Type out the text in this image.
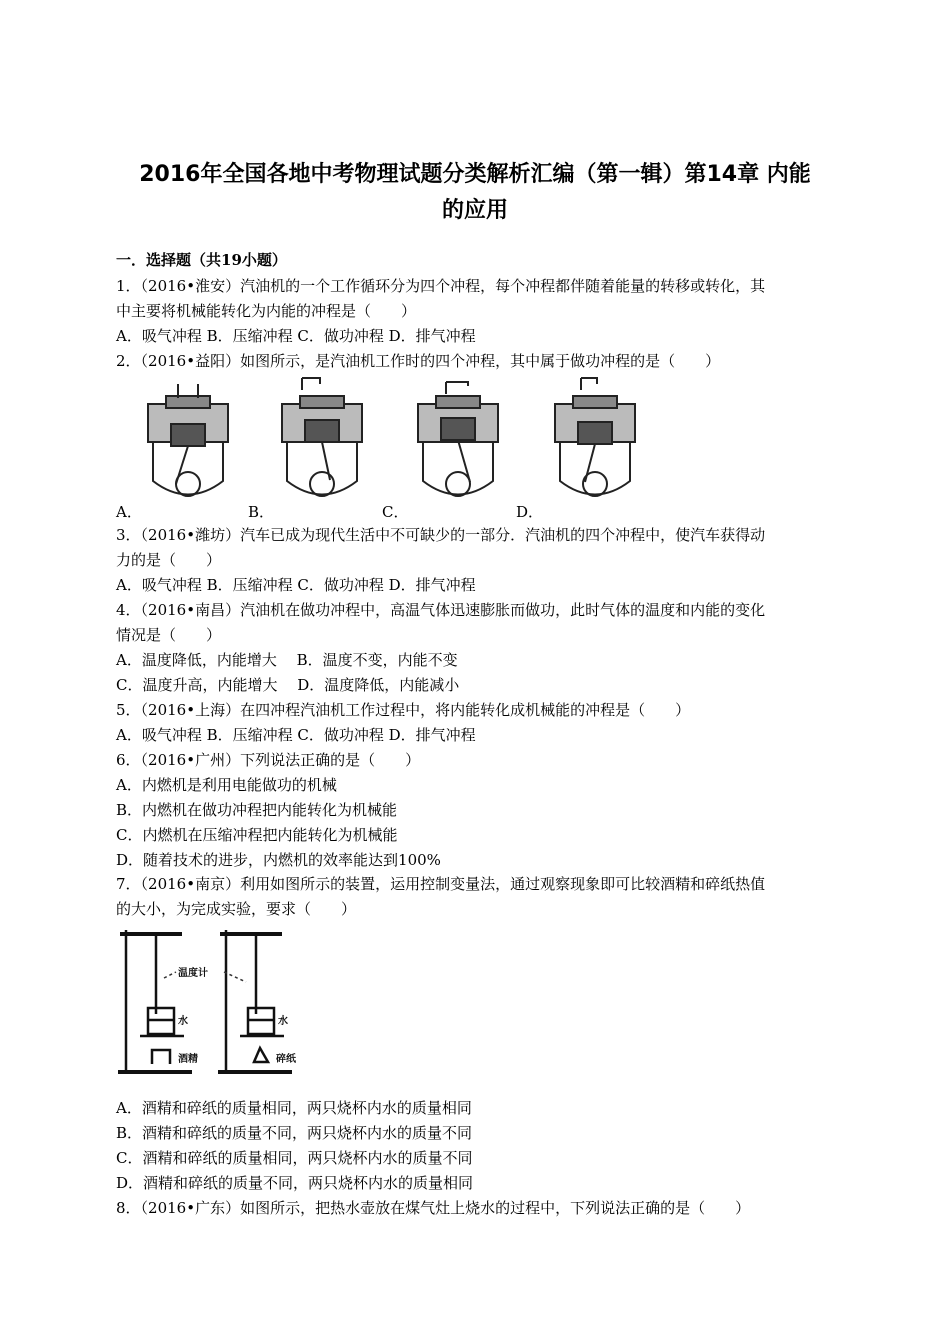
2016年全国各地中考物理试题分类解析汇编（第一辑）第14章 内能
的应用
一．选择题（共19小题）
1．（2016•淮安）汽油机的一个工作循环分为四个冲程，每个冲程都伴随着能量的转移或转化，其
中主要将机械能转化为内能的冲程是（　　）
A．吸气冲程 B．压缩冲程 C．做功冲程 D．排气冲程
2．（2016•益阳）如图所示，是汽油机工作时的四个冲程，其中属于做功冲程的是（　　）
A．	B．	C．	D．
3．（2016•潍坊）汽车已成为现代生活中不可缺少的一部分．汽油机的四个冲程中，使汽车获得动
力的是（　　）
A．吸气冲程 B．压缩冲程 C．做功冲程 D．排气冲程
4．（2016•南昌）汽油机在做功冲程中，高温气体迅速膨胀而做功，此时气体的温度和内能的变化
情况是（　　）
A．温度降低，内能增大　 B．温度不变，内能不变
C．温度升高，内能增大　 D．温度降低，内能减小
5．（2016•上海）在四冲程汽油机工作过程中，将内能转化成机械能的冲程是（　　）
A．吸气冲程 B．压缩冲程 C．做功冲程 D．排气冲程
6．（2016•广州）下列说法正确的是（　　）
A．内燃机是利用电能做功的机械
B．内燃机在做功冲程把内能转化为机械能
C．内燃机在压缩冲程把内能转化为机械能
D．随着技术的进步，内燃机的效率能达到100%
7．（2016•南京）利用如图所示的装置，运用控制变量法，通过观察现象即可比较酒精和碎纸热值
的大小，为完成实验，要求（　　）
温度计
水	水
酒精	碎纸
A．酒精和碎纸的质量相同，两只烧杯内水的质量相同
B．酒精和碎纸的质量不同，两只烧杯内水的质量不同
C．酒精和碎纸的质量相同，两只烧杯内水的质量不同
D．酒精和碎纸的质量不同，两只烧杯内水的质量相同
8．（2016•广东）如图所示，把热水壶放在煤气灶上烧水的过程中，下列说法正确的是（　　）
